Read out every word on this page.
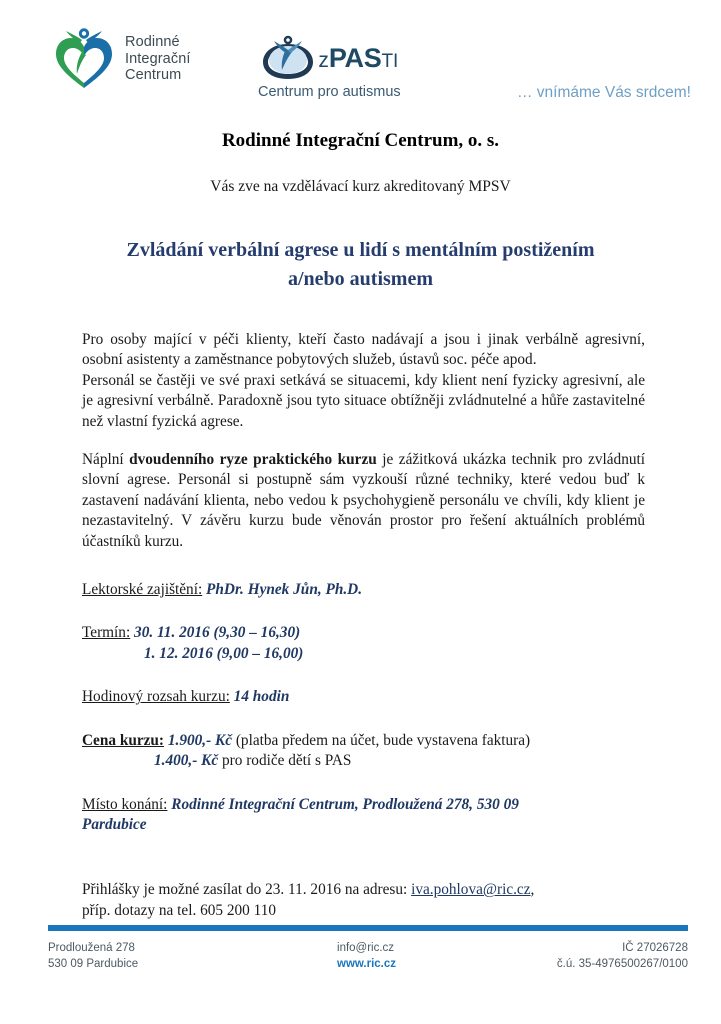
Rodinné
Integrační
Centrum
zPASTI
Centrum pro autismus	… vnímáme Vás srdcem!
Rodinné Integrační Centrum, o. s.
Vás zve na vzdělávací kurz akreditovaný MPSV
Zvládání verbální agrese u lidí s mentálním postižením
a/nebo autismem

Pro osoby mající v péči klienty, kteří často nadávají a jsou i jinak verbálně agresivní, osobní asistenty a zaměstnance pobytových služeb, ústavů soc. péče apod.

Personál se častěji ve své praxi setkává se situacemi, kdy klient není fyzicky agresivní, ale je agresivní verbálně. Paradoxně jsou tyto situace obtížněji zvládnutelné a hůře zastavitelné než vlastní fyzická agrese.

Náplní dvoudenního ryze praktického kurzu je zážitková ukázka technik pro zvládnutí slovní agrese. Personál si postupně sám vyzkouší různé techniky, které vedou buď k zastavení nadávání klienta, nebo vedou k psychohygieně personálu ve chvíli, kdy klient je nezastavitelný. V závěru kurzu bude věnován prostor pro řešení aktuálních problémů účastníků kurzu.

Lektorské zajištění: PhDr. Hynek Jůn, Ph.D.
Termín: 30. 11. 2016 (9,30 – 16,30)
1. 12. 2016 (9,00 – 16,00)
Hodinový rozsah kurzu: 14 hodin
Cena kurzu: 1.900,- Kč (platba předem na účet, bude vystavena faktura)
1.400,- Kč pro rodiče dětí s PAS
Místo konání: Rodinné Integrační Centrum, Prodloužená 278, 530 09
Pardubice
Přihlášky je možné zasílat do 23. 11. 2016 na adresu: iva.pohlova@ric.cz,
příp. dotazy na tel. 605 200 110
Prodloužená 278
530 09 Pardubice
info@ric.cz
www.ric.cz
IČ 27026728
č.ú. 35-4976500267/0100
